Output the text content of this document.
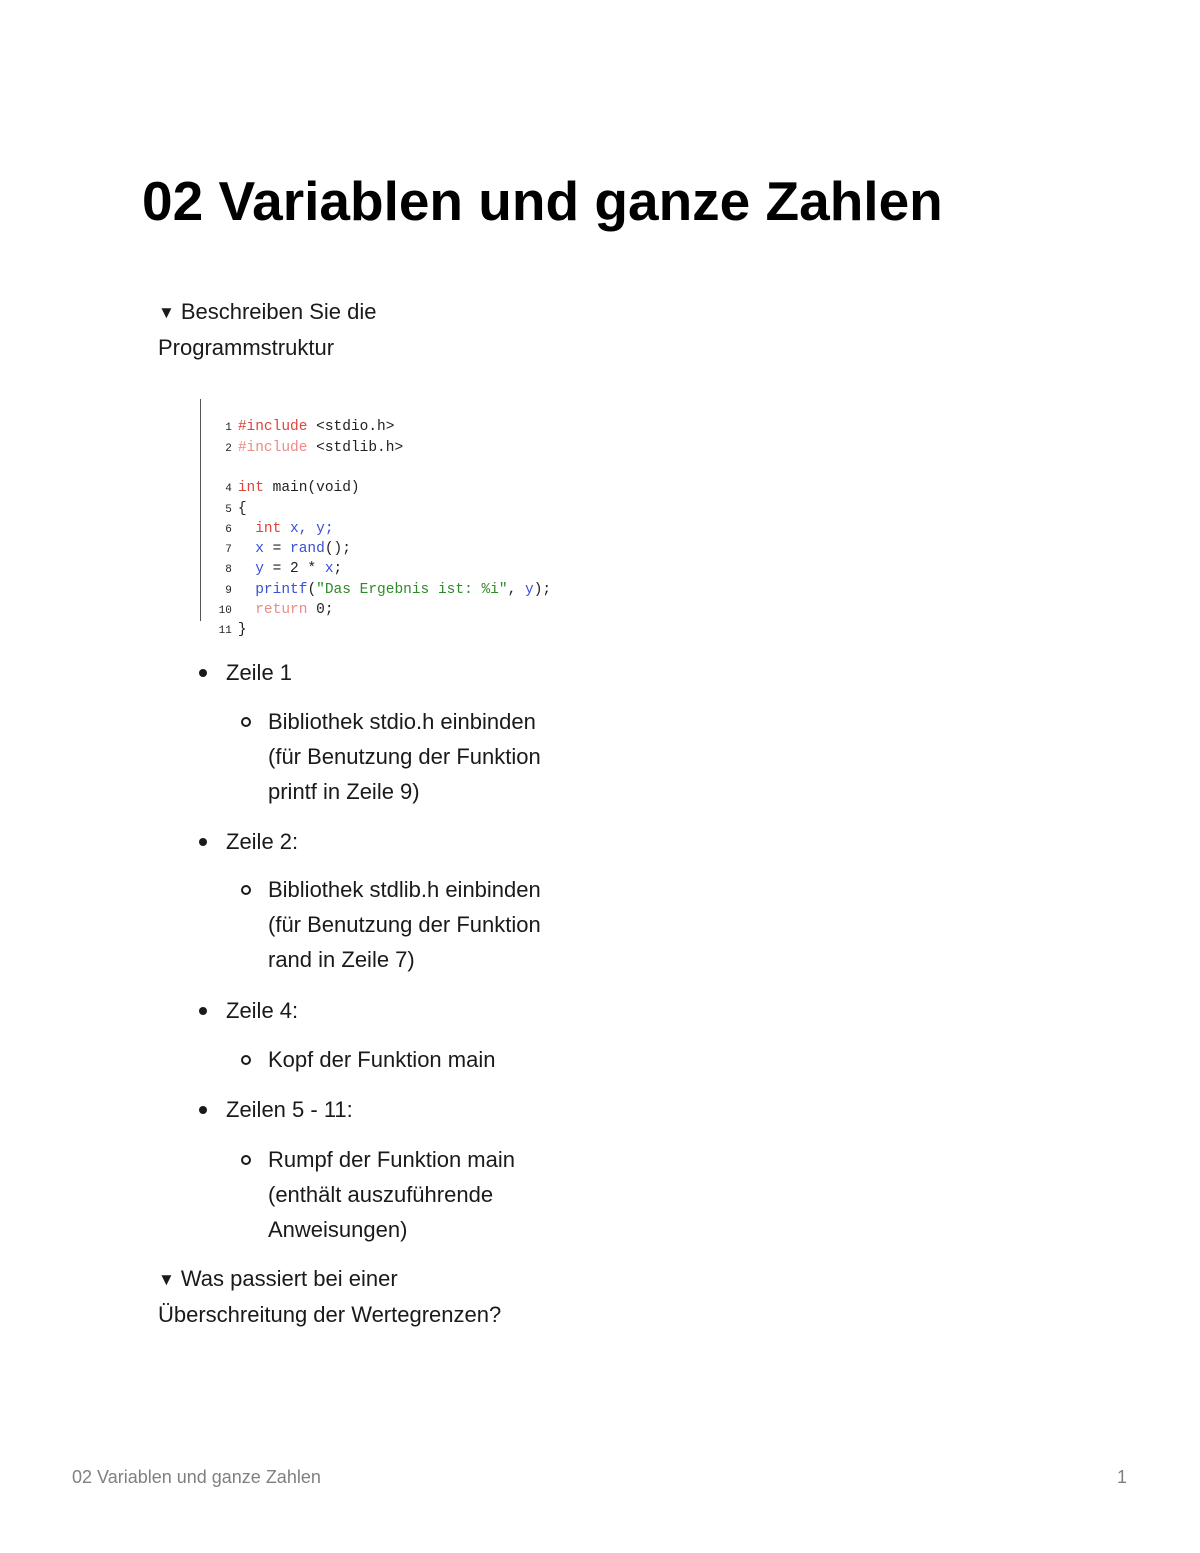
02 Variablen und ganze Zahlen
▼ Beschreiben Sie die
Programmstruktur

1 #include <stdio.h>

2 #include <stdlib.h>

4 int main(void)

5 {

6  int x, y;

7  x = rand();

8  y = 2 * x;

9  printf("Das Ergebnis ist: %i", y);

10  return 0;

11 }

Zeile 1
Bibliothek stdio.h einbinden
(für Benutzung der Funktion
printf in Zeile 9)
Zeile 2:
Bibliothek stdlib.h einbinden
(für Benutzung der Funktion
rand in Zeile 7)
Zeile 4:
Kopf der Funktion main
Zeilen 5 - 11:
Rumpf der Funktion main
(enthält auszuführende
Anweisungen)
▼ Was passiert bei einer
Überschreitung der Wertegrenzen?
02 Variablen und ganze Zahlen	1
